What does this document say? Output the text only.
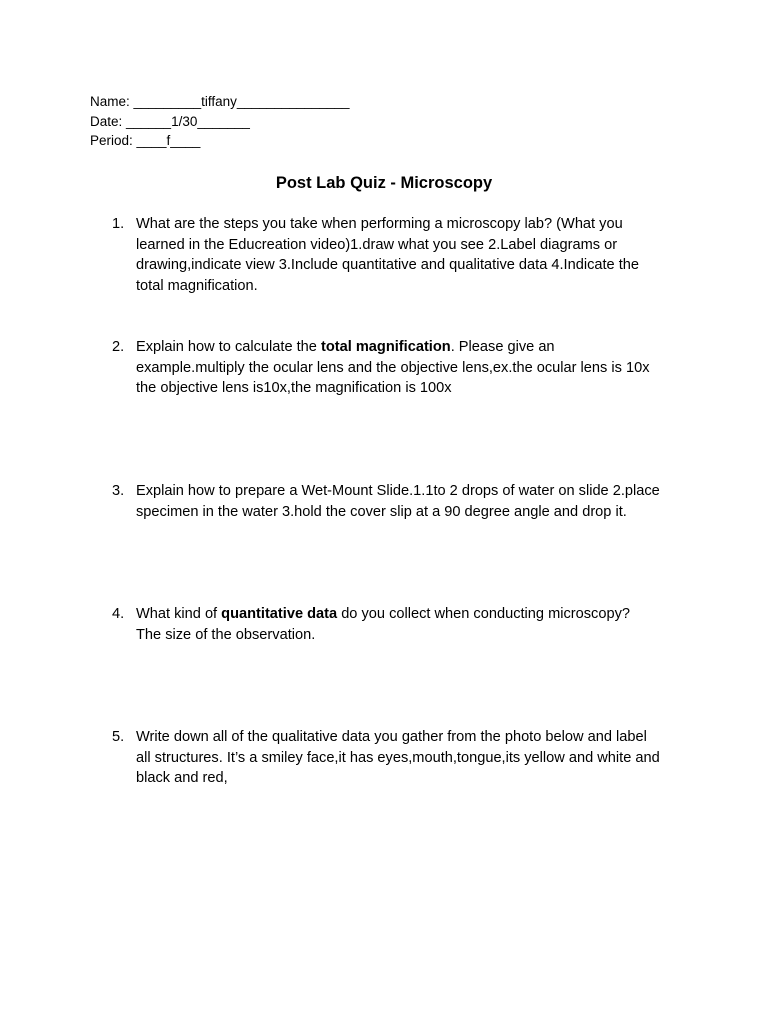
Name: _________tiffany_______________
Date: ______1/30_______
Period: ____f____
Post Lab Quiz - Microscopy
1. What are the steps you take when performing a microscopy lab? (What you
learned in the Educreation video)1.draw what you see 2.Label diagrams or
drawing,indicate view 3.Include quantitative and qualitative data 4.Indicate the
total magnification.
2. Explain how to calculate the total magnification. Please give an
example.multiply the ocular lens and the objective lens,ex.the ocular lens is 10x
the objective lens is10x,the magnification is 100x
3. Explain how to prepare a Wet-Mount Slide.1.1to 2 drops of water on slide 2.place
specimen in the water 3.hold the cover slip at a 90 degree angle and drop it.
4. What kind of quantitative data do you collect when conducting microscopy?
The size of the observation.
5. Write down all of the qualitative data you gather from the photo below and label
all structures. It’s a smiley face,it has eyes,mouth,tongue,its yellow and white and
black and red,
